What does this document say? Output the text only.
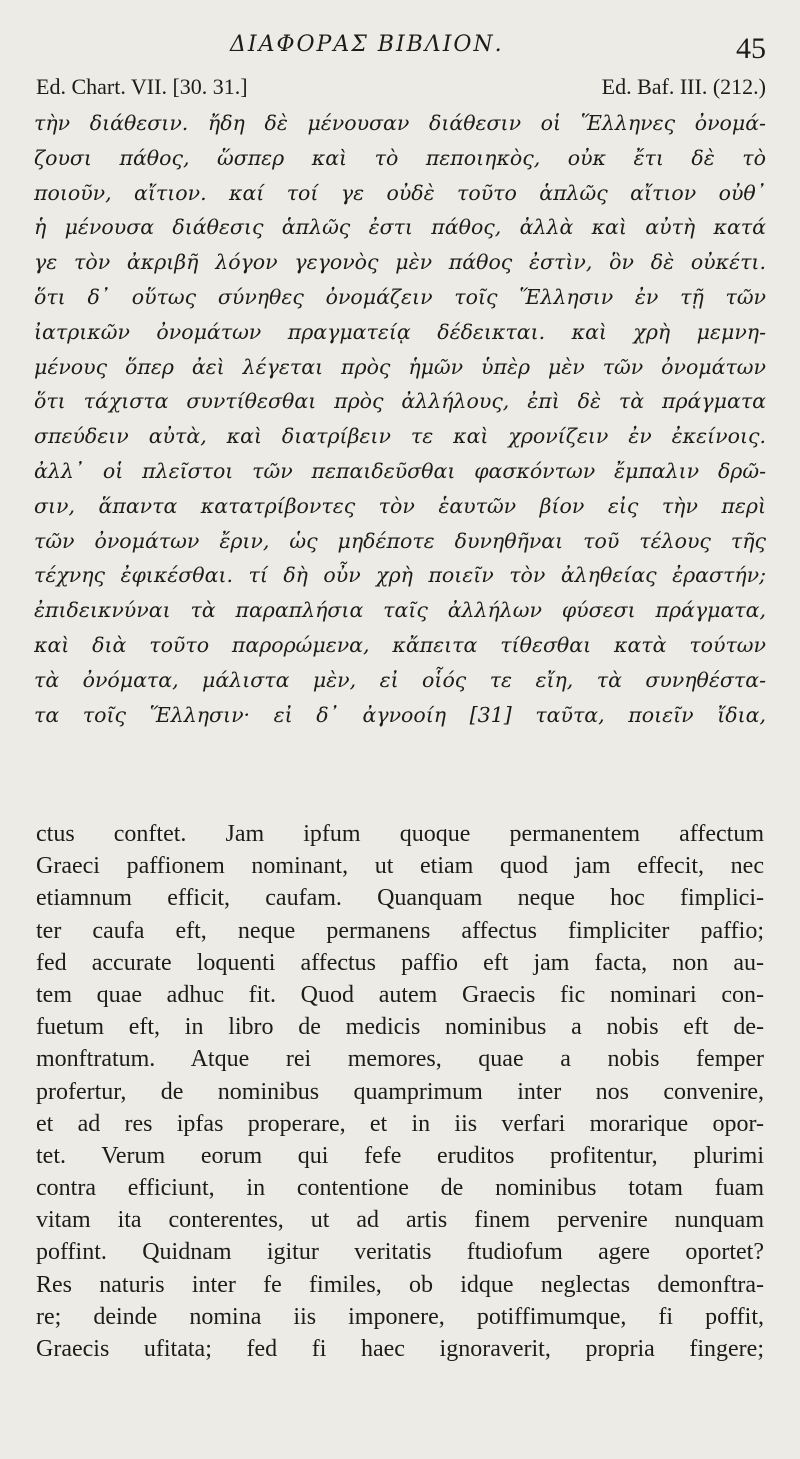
ΔΙΑΦΟΡΑΣ ΒΙΒΛΙΟΝ.	45
Ed. Chart. VII. [30. 31.]	Ed. Baf. III. (212.)
τὴν διάθεσιν. ἤδη δὲ μένουσαν διάθεσιν οἱ Ἕλληνες ὀνομά-
ζουσι πάθος, ὥσπερ καὶ τὸ πεποιηκὸς, οὐκ ἔτι δὲ τὸ
ποιοῦν, αἴτιον. καί τοί γε οὐδὲ τοῦτο ἁπλῶς αἴτιον οὐθ᾽
ἡ μένουσα διάθεσις ἁπλῶς ἐστι πάθος, ἀλλὰ καὶ αὐτὴ κατά
γε τὸν ἀκριβῆ λόγον γεγονὸς μὲν πάθος ἐστὶν, ὃν δὲ οὐκέτι.
ὅτι δ᾽ οὕτως σύνηθες ὀνομάζειν τοῖς Ἕλλησιν ἐν τῇ τῶν
ἰατρικῶν ὀνομάτων πραγματείᾳ δέδεικται. καὶ χρὴ μεμνη-
μένους ὅπερ ἀεὶ λέγεται πρὸς ἡμῶν ὑπὲρ μὲν τῶν ὀνομάτων
ὅτι τάχιστα συντίθεσθαι πρὸς ἀλλήλους, ἐπὶ δὲ τὰ πράγματα
σπεύδειν αὐτὰ, καὶ διατρίβειν τε καὶ χρονίζειν ἐν ἐκείνοις.
ἀλλ᾽ οἱ πλεῖστοι τῶν πεπαιδεῦσθαι φασκόντων ἔμπαλιν δρῶ-
σιν, ἅπαντα κατατρίβοντες τὸν ἑαυτῶν βίον εἰς τὴν περὶ
τῶν ὀνομάτων ἔριν, ὡς μηδέποτε δυνηθῆναι τοῦ τέλους τῆς
τέχνης ἐφικέσθαι. τί δὴ οὖν χρὴ ποιεῖν τὸν ἀληθείας ἐραστήν;
ἐπιδεικνύναι τὰ παραπλήσια ταῖς ἀλλήλων φύσεσι πράγματα,
καὶ διὰ τοῦτο παρορώμενα, κἄπειτα τίθεσθαι κατὰ τούτων
τὰ ὀνόματα, μάλιστα μὲν, εἰ οἷός τε εἴη, τὰ συνηθέστα-
τα τοῖς Ἕλλησιν· εἰ δ᾽ ἀγνοοίη [31] ταῦτα, ποιεῖν ἴδια,
ctus conftet. Jam ipfum quoque permanentem affectum
Graeci paffionem nominant, ut etiam quod jam effecit, nec
etiamnum efficit, caufam. Quanquam neque hoc fimplici-
ter caufa eft, neque permanens affectus fimpliciter paffio;
fed accurate loquenti affectus paffio eft jam facta, non au-
tem quae adhuc fit. Quod autem Graecis fic nominari con-
fuetum eft, in libro de medicis nominibus a nobis eft de-
monftratum. Atque rei memores, quae a nobis femper
profertur, de nominibus quamprimum inter nos convenire,
et ad res ipfas properare, et in iis verfari morarique opor-
tet. Verum eorum qui fefe eruditos profitentur, plurimi
contra efficiunt, in contentione de nominibus totam fuam
vitam ita conterentes, ut ad artis finem pervenire nunquam
poffint. Quidnam igitur veritatis ftudiofum agere oportet?
Res naturis inter fe fimiles, ob idque neglectas demonftra-
re; deinde nomina iis imponere, potiffimumque, fi poffit,
Graecis ufitata; fed fi haec ignoraverit, propria fingere;
